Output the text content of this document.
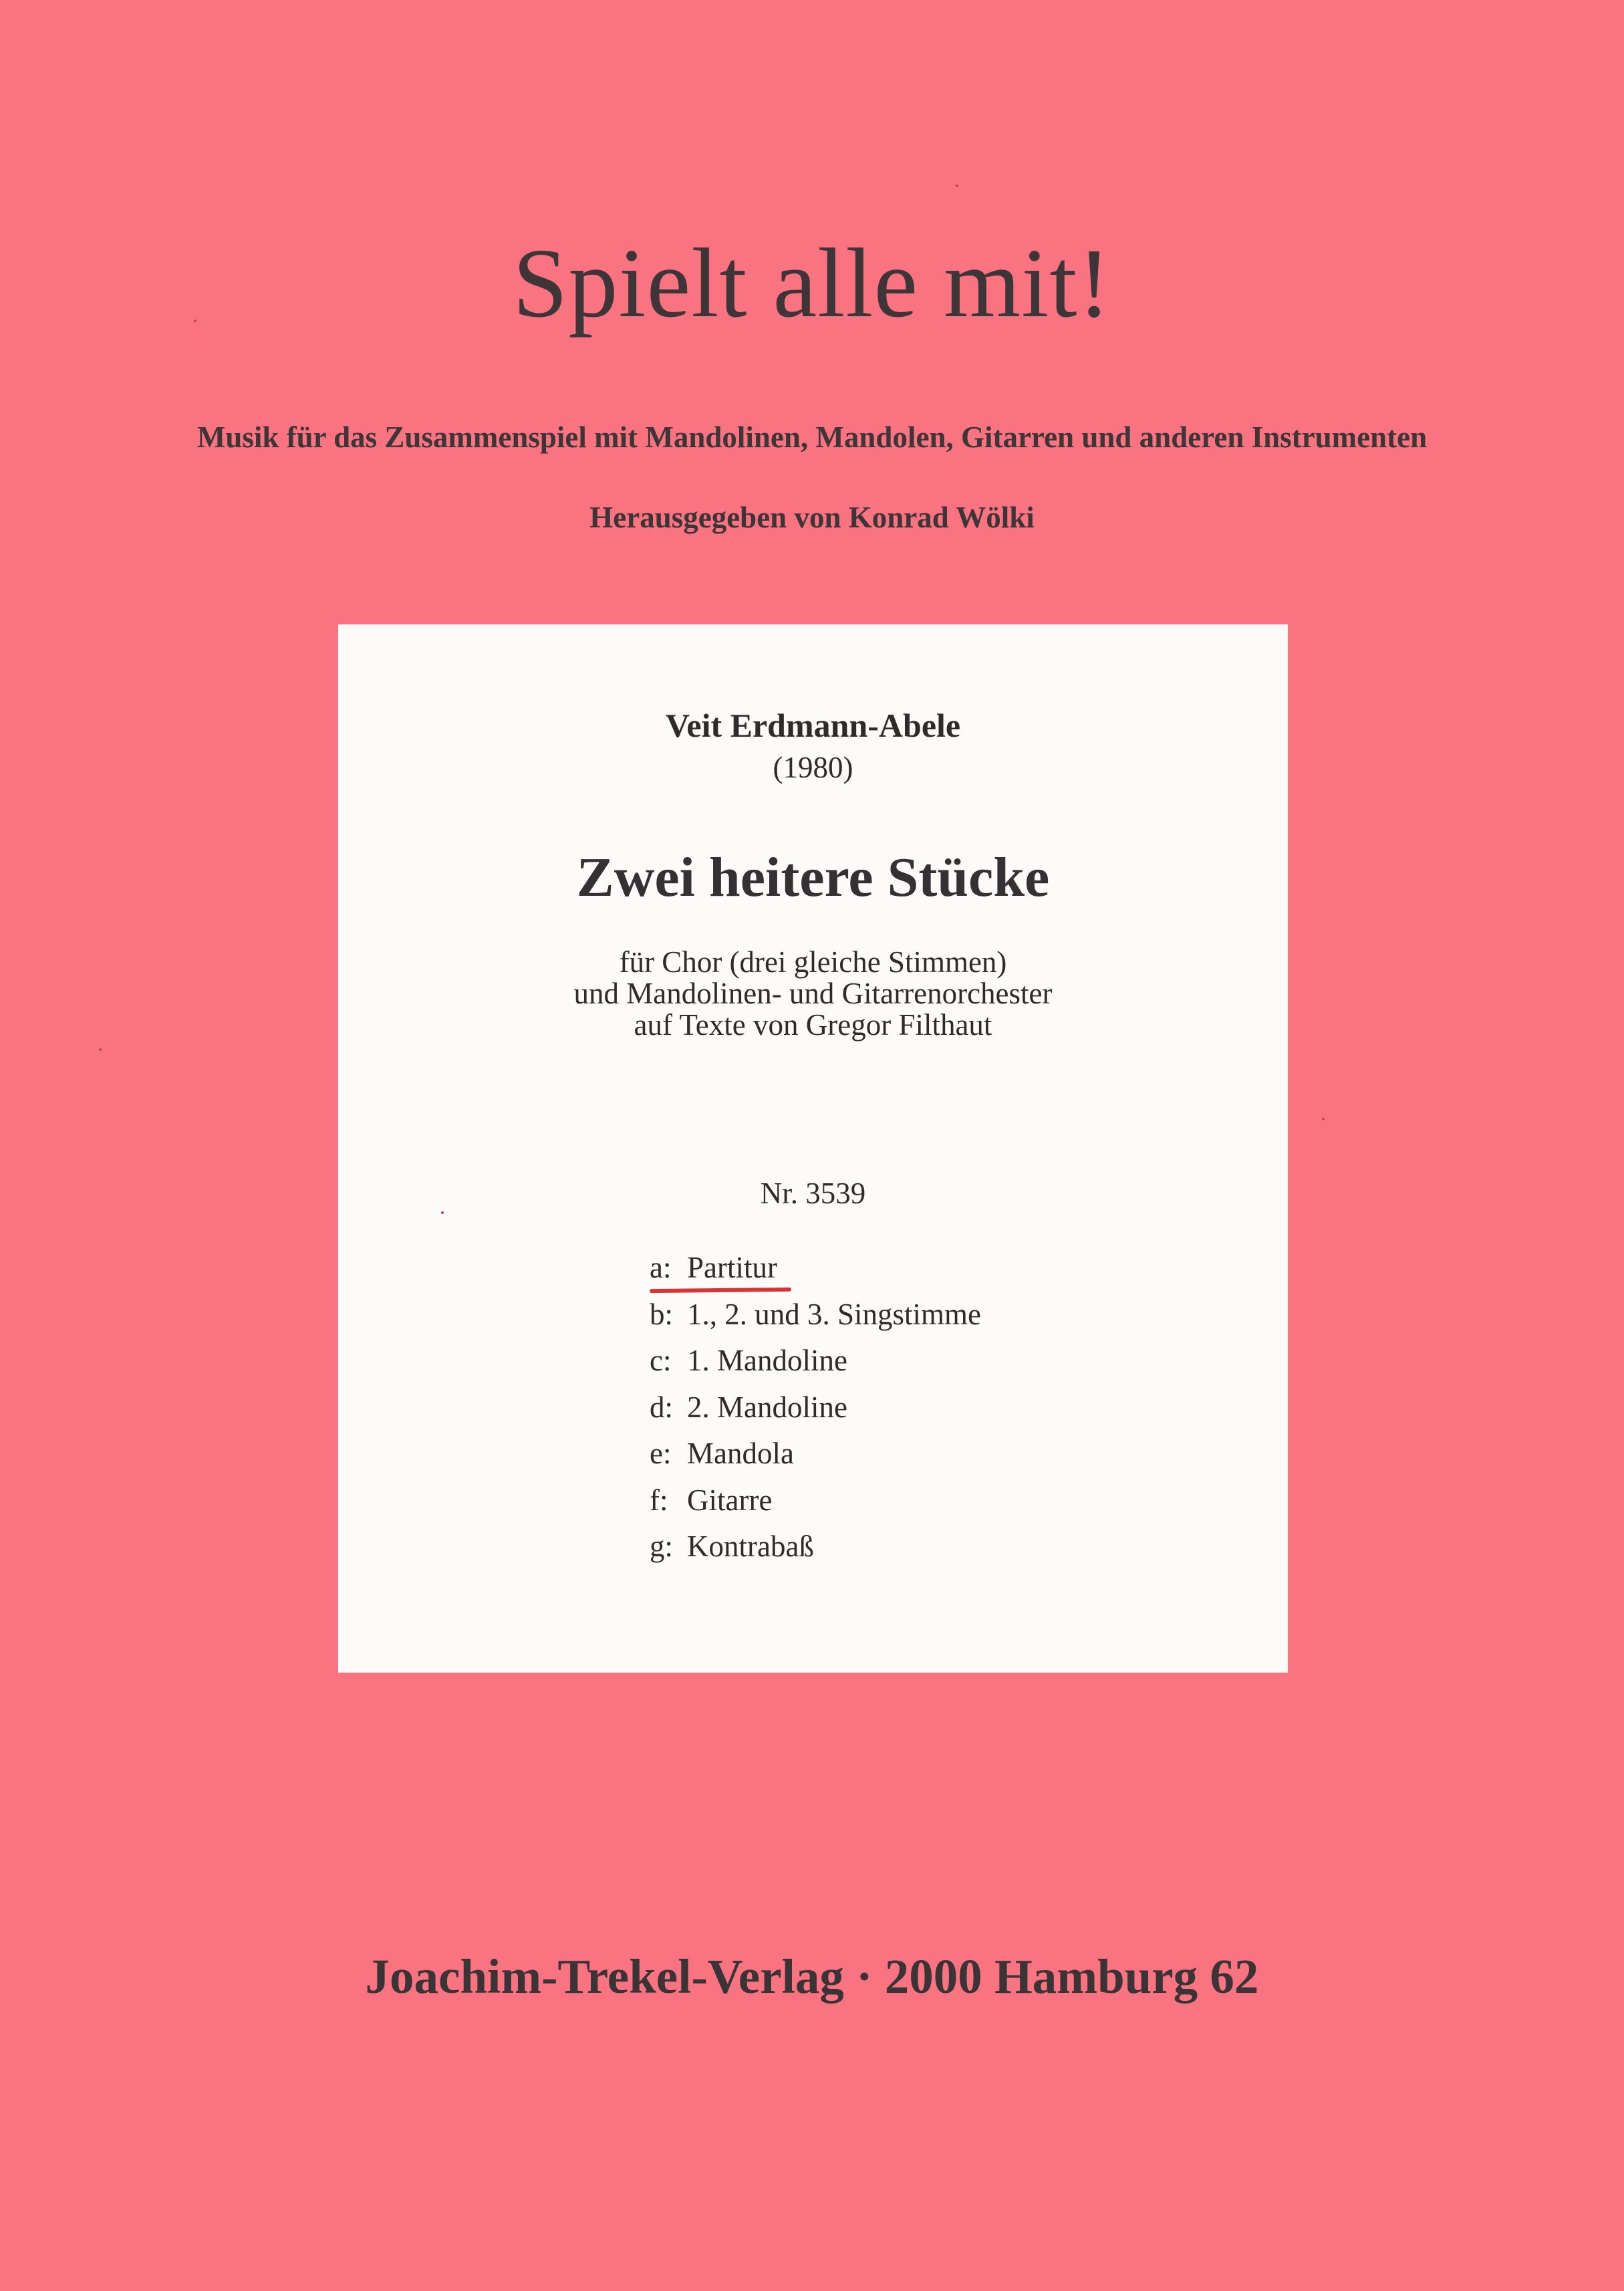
Spielt alle mit!
Musik für das Zusammenspiel mit Mandolinen, Mandolen, Gitarren und anderen Instrumenten
Herausgegeben von Konrad Wölki
Veit Erdmann-Abele
(1980)
Zwei heitere Stücke
für Chor (drei gleiche Stimmen)
und Mandolinen- und Gitarrenorchester
auf Texte von Gregor Filthaut
Nr. 3539
a: Partitur
b: 1., 2. und 3. Singstimme
c: 1. Mandoline
d: 2. Mandoline
e: Mandola
f: Gitarre
g: Kontrabaß
Joachim-Trekel-Verlag · 2000 Hamburg 62
